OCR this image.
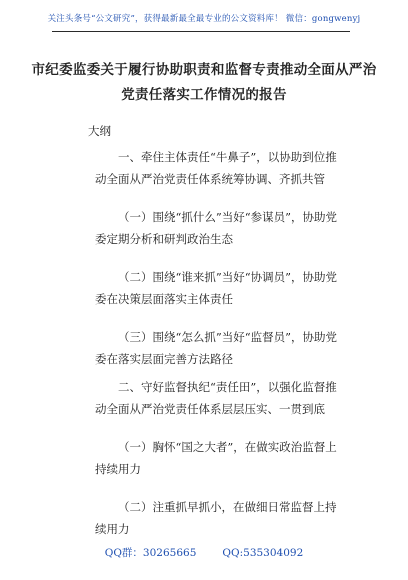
关注头条号“公文研究”，获得最新最全最专业的公文资料库！ 微信：gongwenyj
市纪委监委关于履行协助职责和监督专责推动全面从严治
党责任落实工作情况的报告
大纲

一、牵住主体责任“牛鼻子”，以协助到位推动全面从严治党责任体系统筹协调、齐抓共管

（一）围绕“抓什么”当好“参谋员”，协助党委定期分析和研判政治生态

（二）围绕“谁来抓”当好“协调员”，协助党委在决策层面落实主体责任

（三）围绕“怎么抓”当好“监督员”，协助党委在落实层面完善方法路径

二、守好监督执纪“责任田”，以强化监督推动全面从严治党责任体系层层压实、一贯到底

（一）胸怀“国之大者”，在做实政治监督上持续用力

（二）注重抓早抓小，在做细日常监督上持续用力

QQ群：30265665 QQ:535304092
